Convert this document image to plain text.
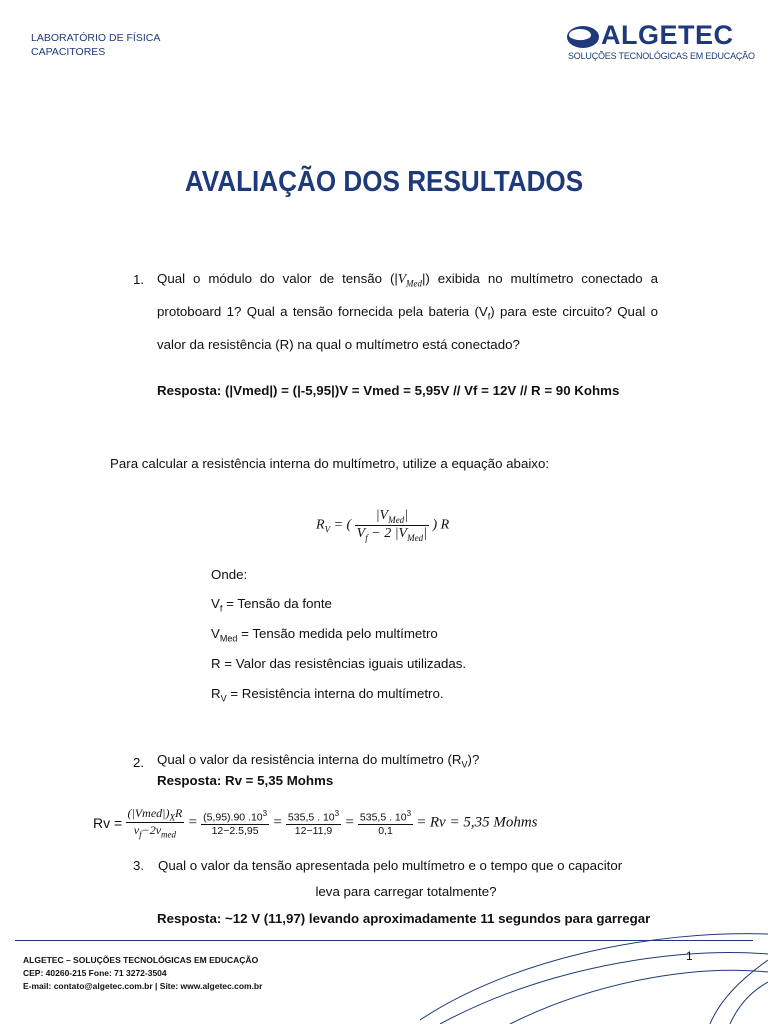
LABORATÓRIO DE FÍSICA
CAPACITORES
ALGETEC
SOLUÇÕES TECNOLÓGICAS EM EDUCAÇÃO
AVALIAÇÃO DOS RESULTADOS
1. Qual o módulo do valor de tensão $(|V_{Med}|)$ exibida no multímetro conectado a protoboard 1? Qual a tensão fornecida pela bateria $(V_f)$ para este circuito? Qual o valor da resistência (R) na qual o multímetro está conectado?
Resposta: (|Vmed|) = (|-5,95|)V = Vmed = 5,95V // Vf = 12V // R = 90 Kohms
Para calcular a resistência interna do multímetro, utilize a equação abaixo:
$R_V$ = ( $\frac{|V_{Med}|}{V_f - 2 |V_{Med}|}$ ) R
Onde:
$V_f$ = Tensão da fonte
$V_{Med}$ = Tensão medida pelo multímetro
R = Valor das resistências iguais utilizadas.
$R_V$ = Resistência interna do multímetro.
2. Qual o valor da resistência interna do multímetro $(R_V)$?
Resposta: Rv = 5,35 Mohms
$Rv = \frac{(|Vmed|)_XR}{v_f-2v_{med}} = \frac{(5,95).90 .10^3}{12-2.5,95} = \frac{535,5 . 10^3}{12-11,9} = \frac{535,5 . 10^3}{0,1} = Rv = 5,35$ Mohms
3. Qual o valor da tensão apresentada pelo multímetro e o tempo que o capacitor
leva para carregar totalmente?
Resposta: ~12 V (11,97) levando aproximadamente 11 segundos para garregar
1
ALGETEC – SOLUÇÕES TECNOLÓGICAS EM EDUCAÇÃO
CEP: 40260-215 Fone: 71 3272-3504
E-mail: contato@algetec.com.br | Site: www.algetec.com.br
